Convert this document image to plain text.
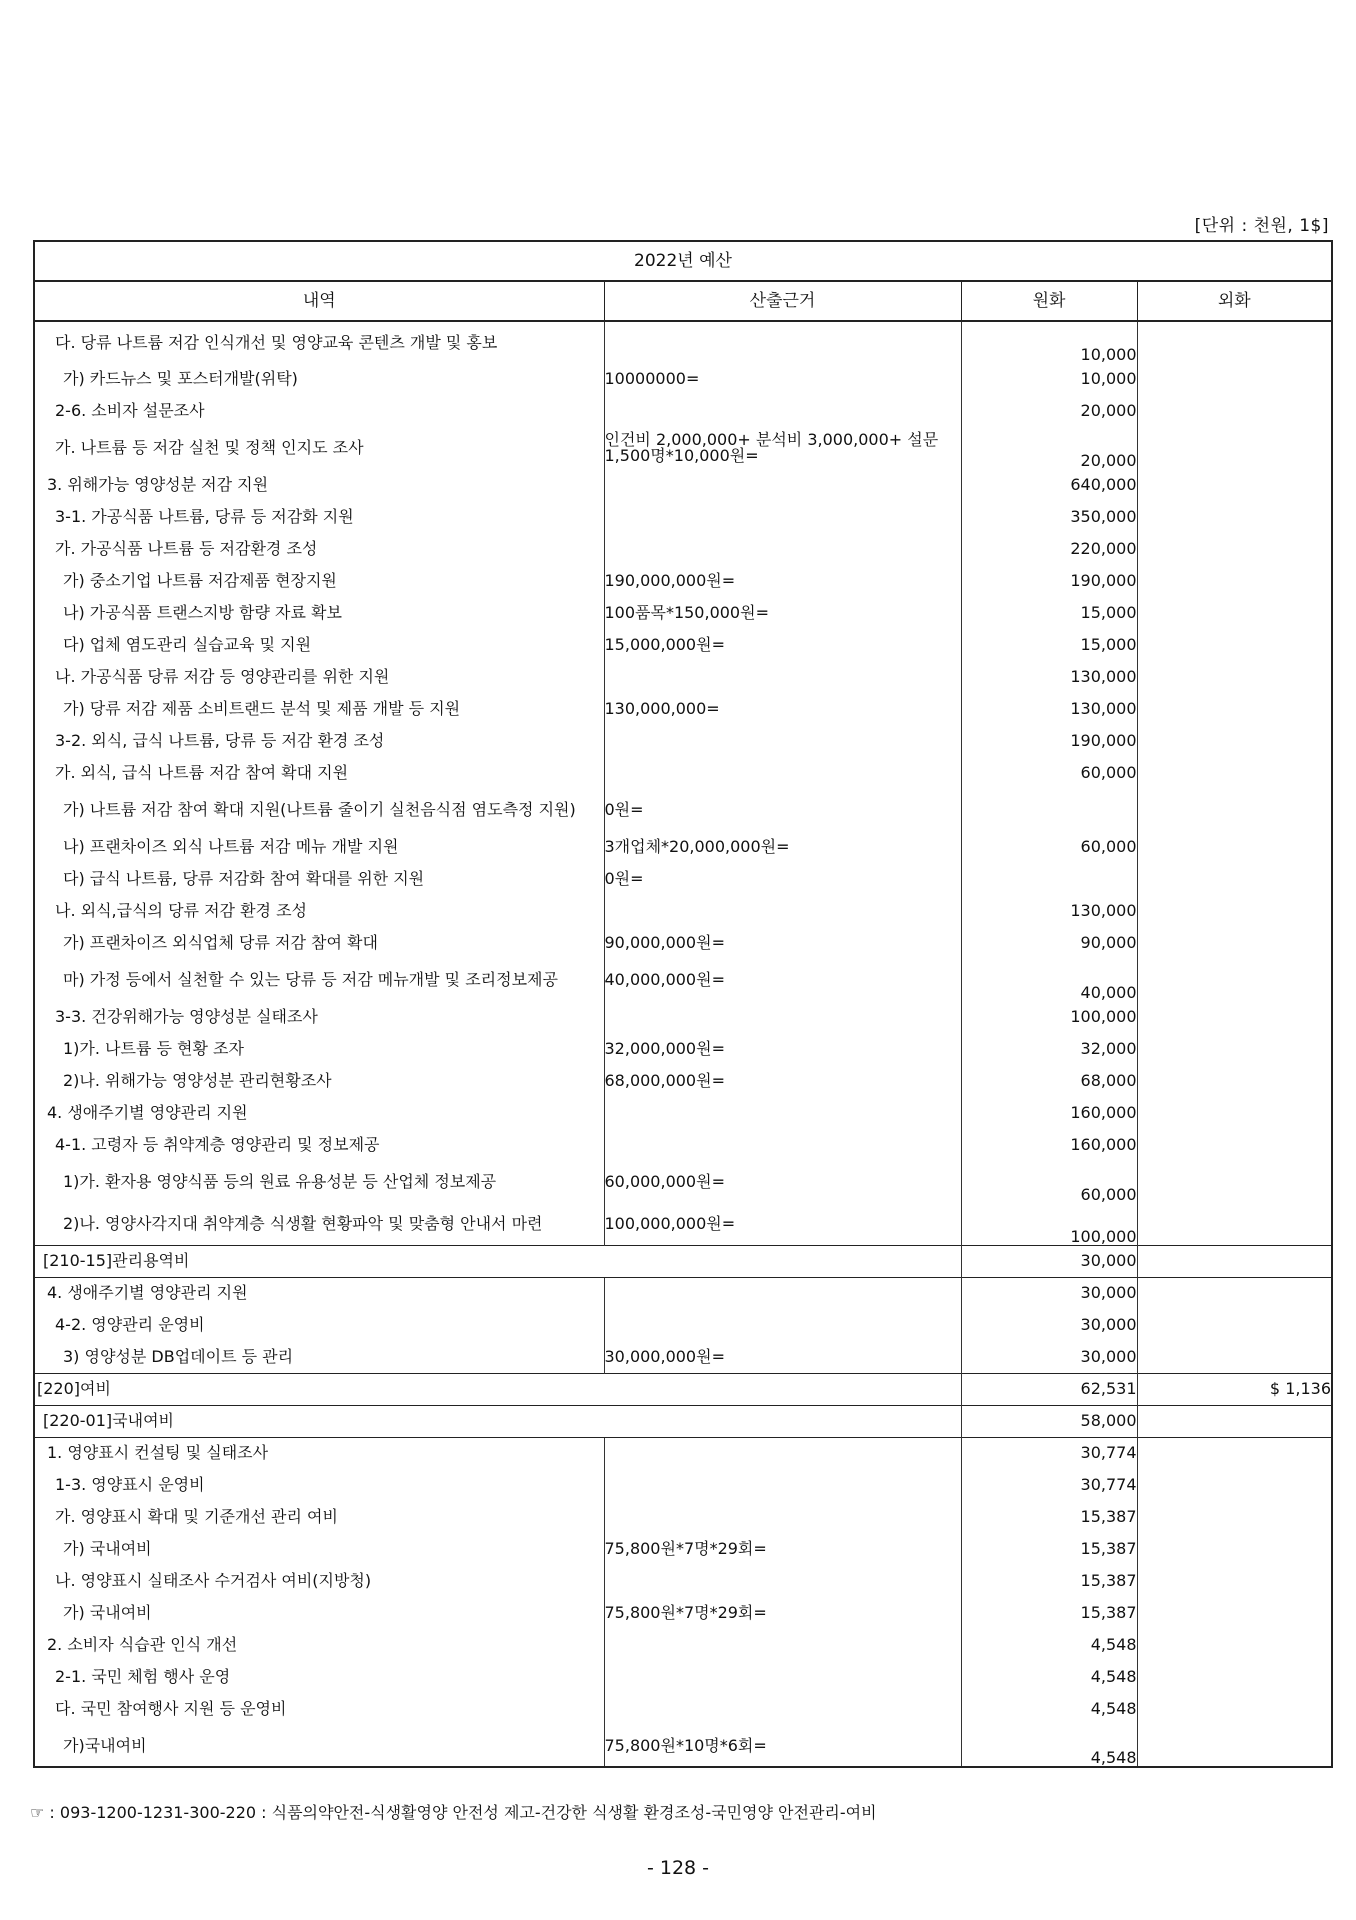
[단위 : 천원, 1$]
2022년 예산			
내역	산출근거	원화	외화
다. 당류 나트륨 저감 인식개선 및 영양교육 콘텐츠 개발 및 홍보		10,000	
가) 카드뉴스 및 포스터개발(위탁)	10000000=	10,000	
2-6. 소비자 설문조사		20,000	
가. 나트륨 등 저감 실천 및 정책 인지도 조사	인건비 2,000,000+ 분석비 3,000,000+ 설문 1,500명*10,000원=	20,000	
3. 위해가능 영양성분 저감 지원		640,000	
3-1. 가공식품 나트륨, 당류 등 저감화 지원		350,000	
가. 가공식품 나트륨 등 저감환경 조성		220,000	
가) 중소기업 나트륨 저감제품 현장지원	190,000,000원=	190,000	
나) 가공식품 트랜스지방 함량 자료 확보	100품목*150,000원=	15,000	
다) 업체 염도관리 실습교육 및 지원	15,000,000원=	15,000	
나. 가공식품 당류 저감 등 영양관리를 위한 지원		130,000	
가) 당류 저감 제품 소비트랜드 분석 및 제품 개발 등 지원	130,000,000=	130,000	
3-2. 외식, 급식 나트륨, 당류 등 저감 환경 조성		190,000	
가. 외식, 급식 나트륨 저감 참여 확대 지원		60,000	
가) 나트륨 저감 참여 확대 지원(나트륨 줄이기 실천음식점 염도측정 지원)	0원=		
나) 프랜차이즈 외식 나트륨 저감 메뉴 개발 지원	3개업체*20,000,000원=	60,000	
다) 급식 나트륨, 당류 저감화 참여 확대를 위한 지원	0원=		
나. 외식,급식의 당류 저감 환경 조성		130,000	
가) 프랜차이즈 외식업체 당류 저감 참여 확대	90,000,000원=	90,000	
마) 가정 등에서 실천할 수 있는 당류 등 저감 메뉴개발 및 조리정보제공	40,000,000원=	40,000	
3-3. 건강위해가능 영양성분 실태조사		100,000	
1)가. 나트륨 등 현황 조자	32,000,000원=	32,000	
2)나. 위해가능 영양성분 관리현황조사	68,000,000원=	68,000	
4. 생애주기별 영양관리 지원		160,000	
4-1. 고령자 등 취약계층 영양관리 및 정보제공		160,000	
1)가. 환자용 영양식품 등의 원료 유용성분 등 산업체 정보제공	60,000,000원=	60,000	
2)나. 영양사각지대 취약계층 식생활 현황파악 및 맞춤형 안내서 마련	100,000,000원=	100,000	
[210-15]관리용역비		30,000	
4. 생애주기별 영양관리 지원		30,000	
4-2. 영양관리 운영비		30,000	
3) 영양성분 DB업데이트 등 관리	30,000,000원=	30,000	
[220]여비		62,531	$ 1,136
[220-01]국내여비		58,000	
1. 영양표시 컨설팅 및 실태조사		30,774	
1-3. 영양표시 운영비		30,774	
가. 영양표시 확대 및 기준개선 관리 여비		15,387	
가) 국내여비	75,800원*7명*29회=	15,387	
나. 영양표시 실태조사 수거검사 여비(지방청)		15,387	
가) 국내여비	75,800원*7명*29회=	15,387	
2. 소비자 식습관 인식 개선		4,548	
2-1. 국민 체험 행사 운영		4,548	
다. 국민 참여행사 지원 등 운영비		4,548	
가)국내여비	75,800원*10명*6회=	4,548	
☞ : 093-1200-1231-300-220 : 식품의약안전-식생활영양 안전성 제고-건강한 식생활 환경조성-국민영양 안전관리-여비
- 128 -
